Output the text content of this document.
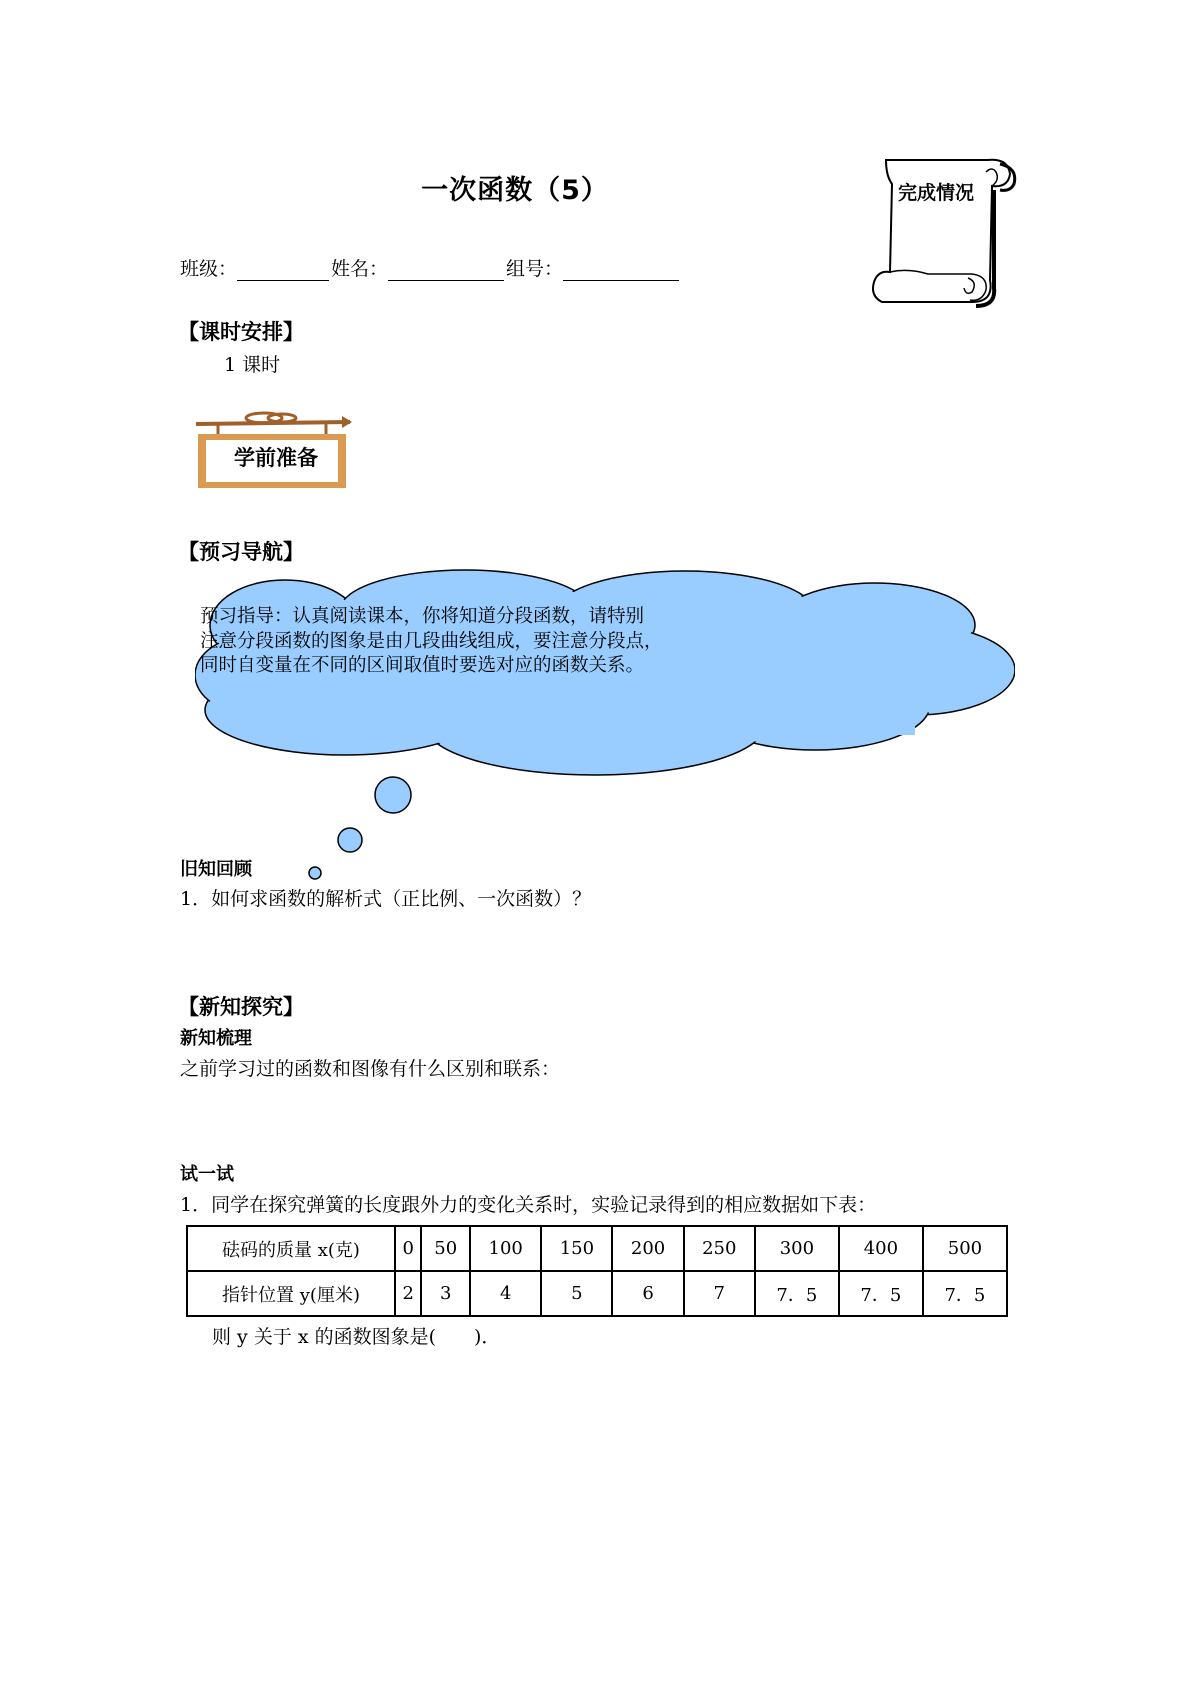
一次函数（5）	完成情况
班级：	姓名：	组号：
【课时安排】
1 课时
学前准备
【预习导航】
预习指导：认真阅读课本，你将知道分段函数，请特别
注意分段函数的图象是由几段曲线组成，要注意分段点，
同时自变量在不同的区间取值时要选对应的函数关系。
旧知回顾
1．如何求函数的解析式（正比例、一次函数）？
【新知探究】
新知梳理
之前学习过的函数和图像有什么区别和联系：
试一试
1．同学在探究弹簧的长度跟外力的变化关系时，实验记录得到的相应数据如下表：
砝码的质量 x(克)	0	50	100	150	200	250	300	400	500
指针位置 y(厘米)	2	3	4	5	6	7	7．5	7．5	7．5
则 y 关于 x 的函数图象是(　　)．
